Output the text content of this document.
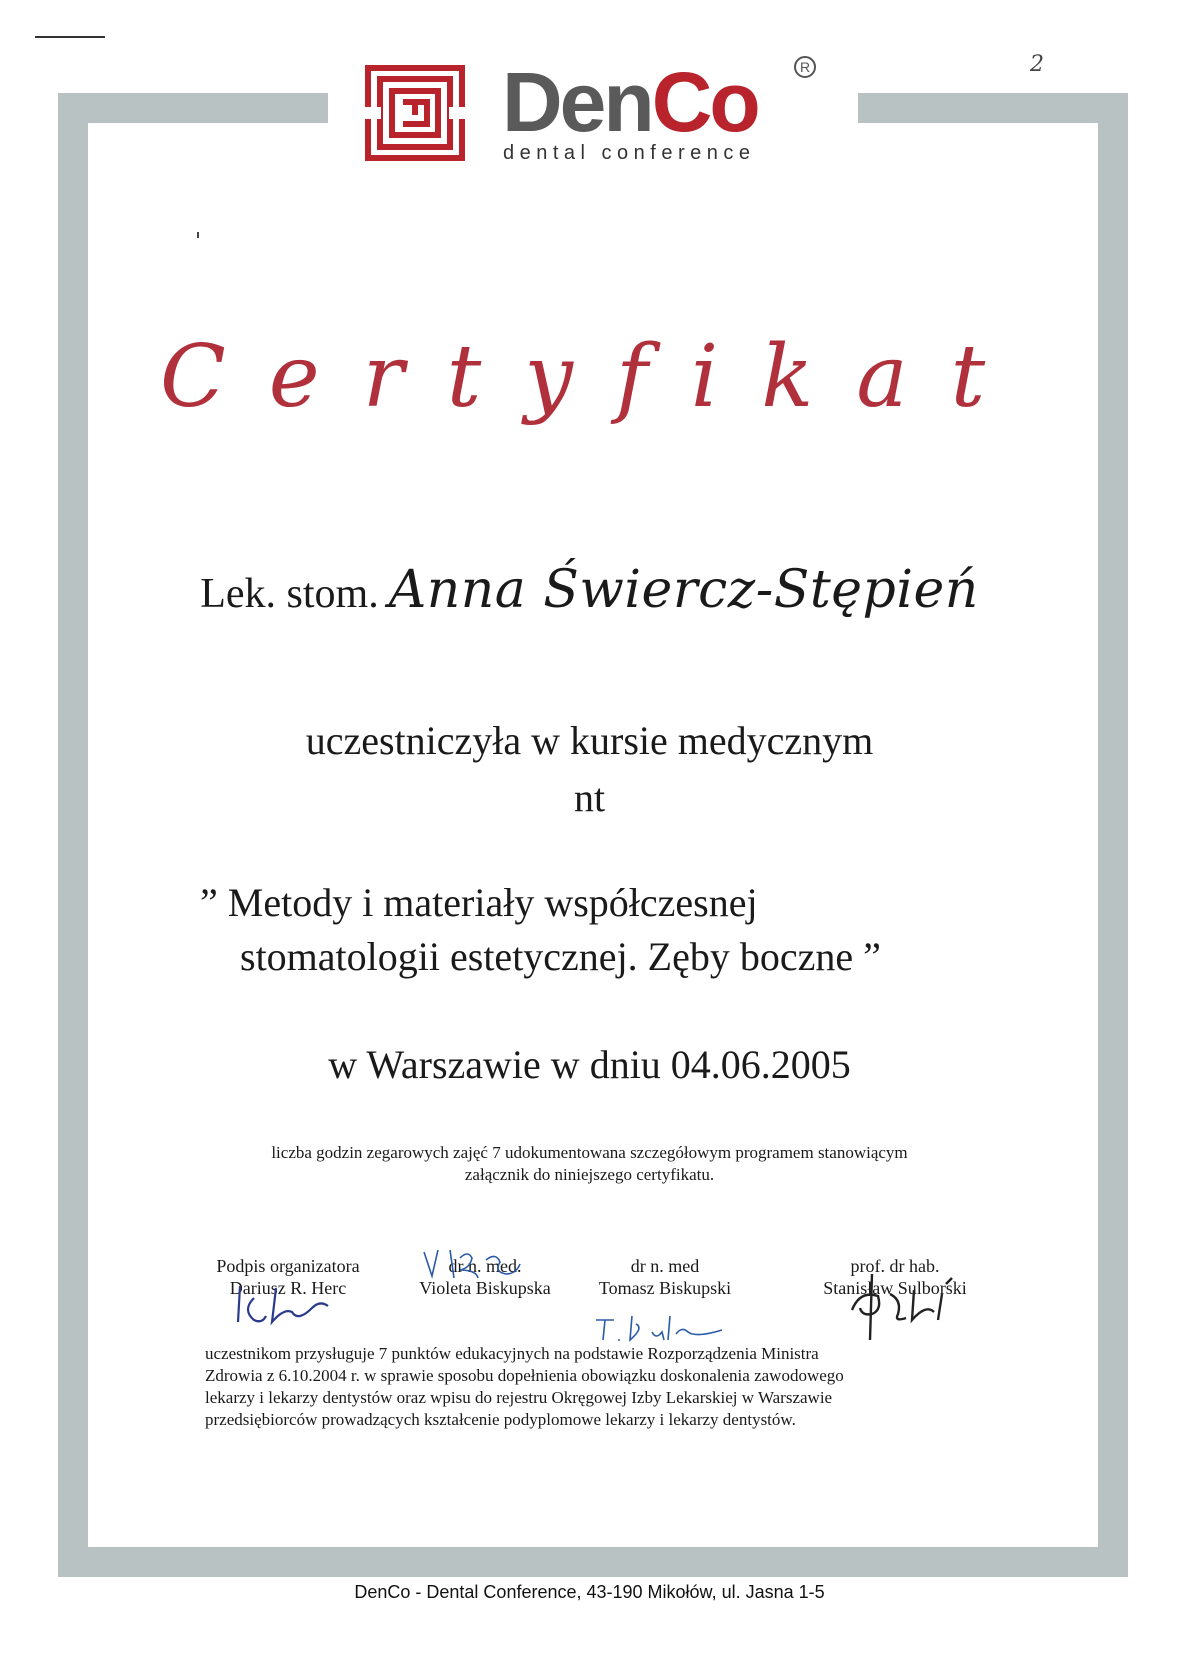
2
DenCo	R
dental conference
Certyfikat
Lek. stom. Anna Świercz-Stępień
uczestniczyła w kursie medycznym
nt
” Metody i materiały współczesnej
stomatologii estetycznej. Zęby boczne ”
w Warszawie w dniu 04.06.2005
liczba godzin zegarowych zajęć 7 udokumentowana szczegółowym programem stanowiącym
załącznik do niniejszego certyfikatu.
Podpis organizatora
Dariusz R. Herc
dr n. med.
Violeta Biskupska
dr n. med
Tomasz Biskupski
prof. dr hab.
Stanisław Sulborski
uczestnikom przysługuje 7 punktów edukacyjnych na podstawie Rozporządzenia Ministra
Zdrowia z 6.10.2004 r. w sprawie sposobu dopełnienia obowiązku doskonalenia zawodowego
lekarzy i lekarzy dentystów oraz wpisu do rejestru Okręgowej Izby Lekarskiej w Warszawie
przedsiębiorców prowadzących kształcenie podyplomowe lekarzy i lekarzy dentystów.
DenCo - Dental Conference, 43-190 Mikołów, ul. Jasna 1-5
